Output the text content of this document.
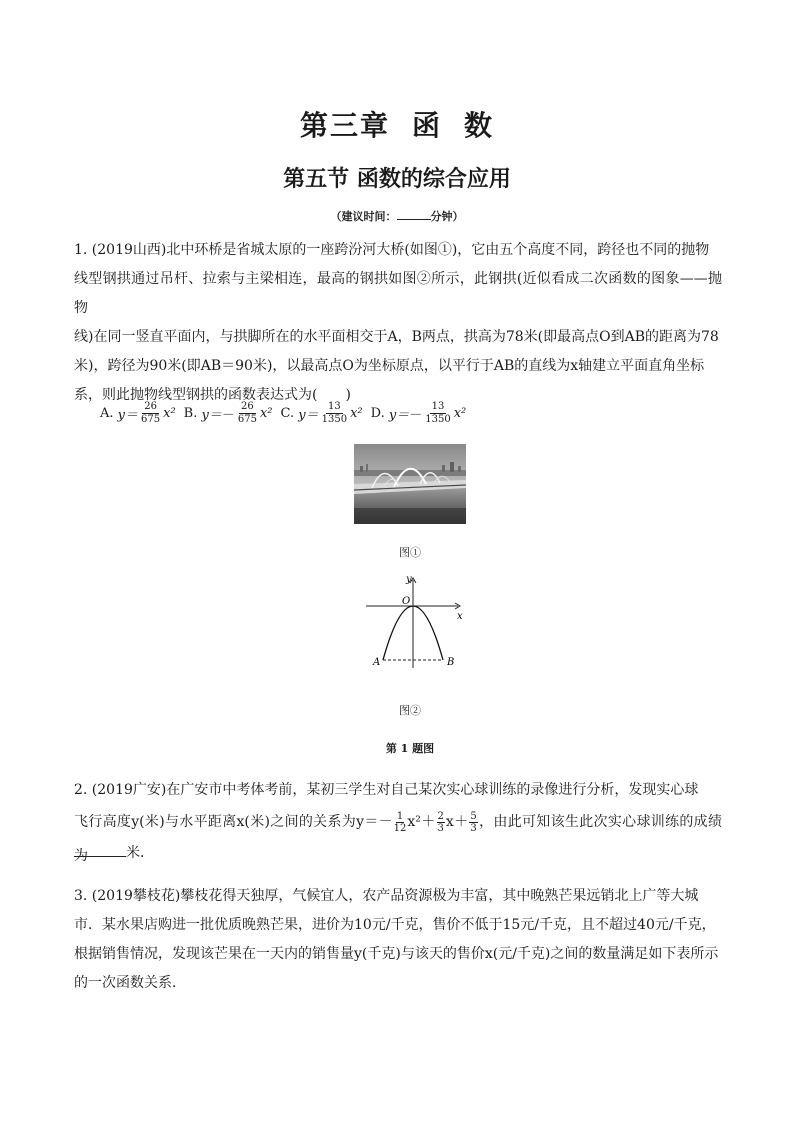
第三章 函 数
第五节 函数的综合应用
（建议时间：	分钟）
1. (2019山西)北中环桥是省城太原的一座跨汾河大桥(如图①)，它由五个高度不同，跨径也不同的抛物
线型钢拱通过吊杆、拉索与主梁相连，最高的钢拱如图②所示，此钢拱(近似看成二次函数的图象——抛物
线)在同一竖直平面内，与拱脚所在的水平面相交于A，B两点，拱高为78米(即最高点O到AB的距离为78
米)，跨径为90米(即AB＝90米)，以最高点O为坐标原点，以平行于AB的直线为x轴建立平面直角坐标
系，则此抛物线型钢拱的函数表达式为(　　)
A.
$y= \frac{26}{675} x^2$ B.
$y= - \frac{26}{675} x^2$ C.
$y= \frac{13}{1350} x^2$ D.
$y= - \frac{13}{1350} x^2$
图①
y
x
O
A	B
图②
第 1 题图
2. (2019广安)在广安市中考体考前，某初三学生对自己某次实心球训练的录像进行分析，发现实心球
飞行高度y(米)与水平距离x(米)之间的关系为$y=- \frac{1}{12} x^2+ \frac{2}{3} x+ \frac{5}{3}$ ，由此可知该生此次实心球训练的成绩为	米．
3. (2019攀枝花)攀枝花得天独厚，气候宜人，农产品资源极为丰富，其中晚熟芒果远销北上广等大城
市．某水果店购进一批优质晚熟芒果，进价为10元/千克，售价不低于15元/千克，且不超过40元/千克，
根据销售情况，发现该芒果在一天内的销售量y(千克)与该天的售价x(元/千克)之间的数量满足如下表所示
的一次函数关系．
